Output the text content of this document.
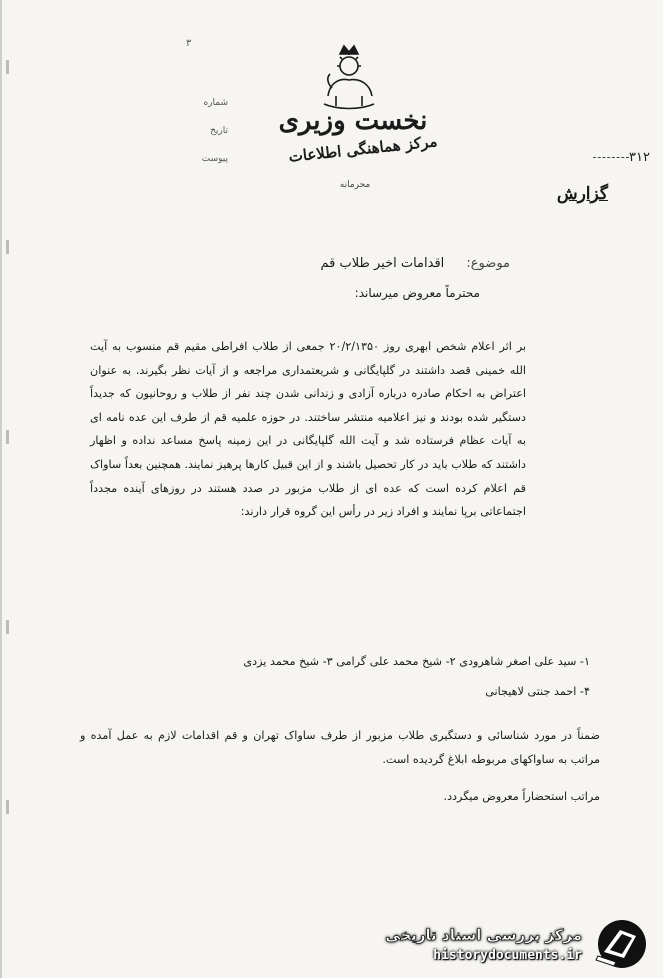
٣
شماره
تاریخ
پیوست
نخست وزیری
مرکز هماهنگی اطلاعات
محرمانه
٣١٢
گزارش
موضوع: اقدامات اخیر طلاب قم
محترماً معروض میرساند:
بر اثر اعلام شخص ابهری روز ۲۰/۲/۱۳۵۰ جمعی از طلاب افراطی مقیم قم منسوب به آیت الله خمینی قصد داشتند در گلپایگانی و شریعتمداری مراجعه و از آیات نظر بگیرند. به عنوان اعتراض به احکام صادره درباره آزادی و زندانی شدن چند نفر از طلاب و روحانیون که جدیداً دستگیر شده بودند و نیز اعلامیه منتشر ساختند. در حوزه علمیه قم از طرف این عده نامه ای به آیات عظام فرستاده شد و آیت الله گلپایگانی در این زمینه پاسخ مساعد نداده و اظهار داشتند که طلاب باید در کار تحصیل باشند و از این قبیل کارها پرهیز نمایند. همچنین بعداً ساواک قم اعلام کرده است که عده ای از طلاب مزبور در صدد هستند در روزهای آینده مجدداً اجتماعاتی برپا نمایند و افراد زیر در رأس این گروه قرار دارند:
۱- سید علی اصغر شاهرودی ۲- شیخ محمد علی گرامی ۳- شیخ محمد یزدی
۴- احمد جنتی لاهیجانی
ضمناً در مورد شناسائی و دستگیری طلاب مزبور از طرف ساواک تهران و قم اقدامات لازم به عمل آمده و مراتب به ساواکهای مربوطه ابلاغ گردیده است.
مراتب استحضاراً معروض میگردد.
مرکز بررسی اسناد تاریخی
historydocuments.ir
